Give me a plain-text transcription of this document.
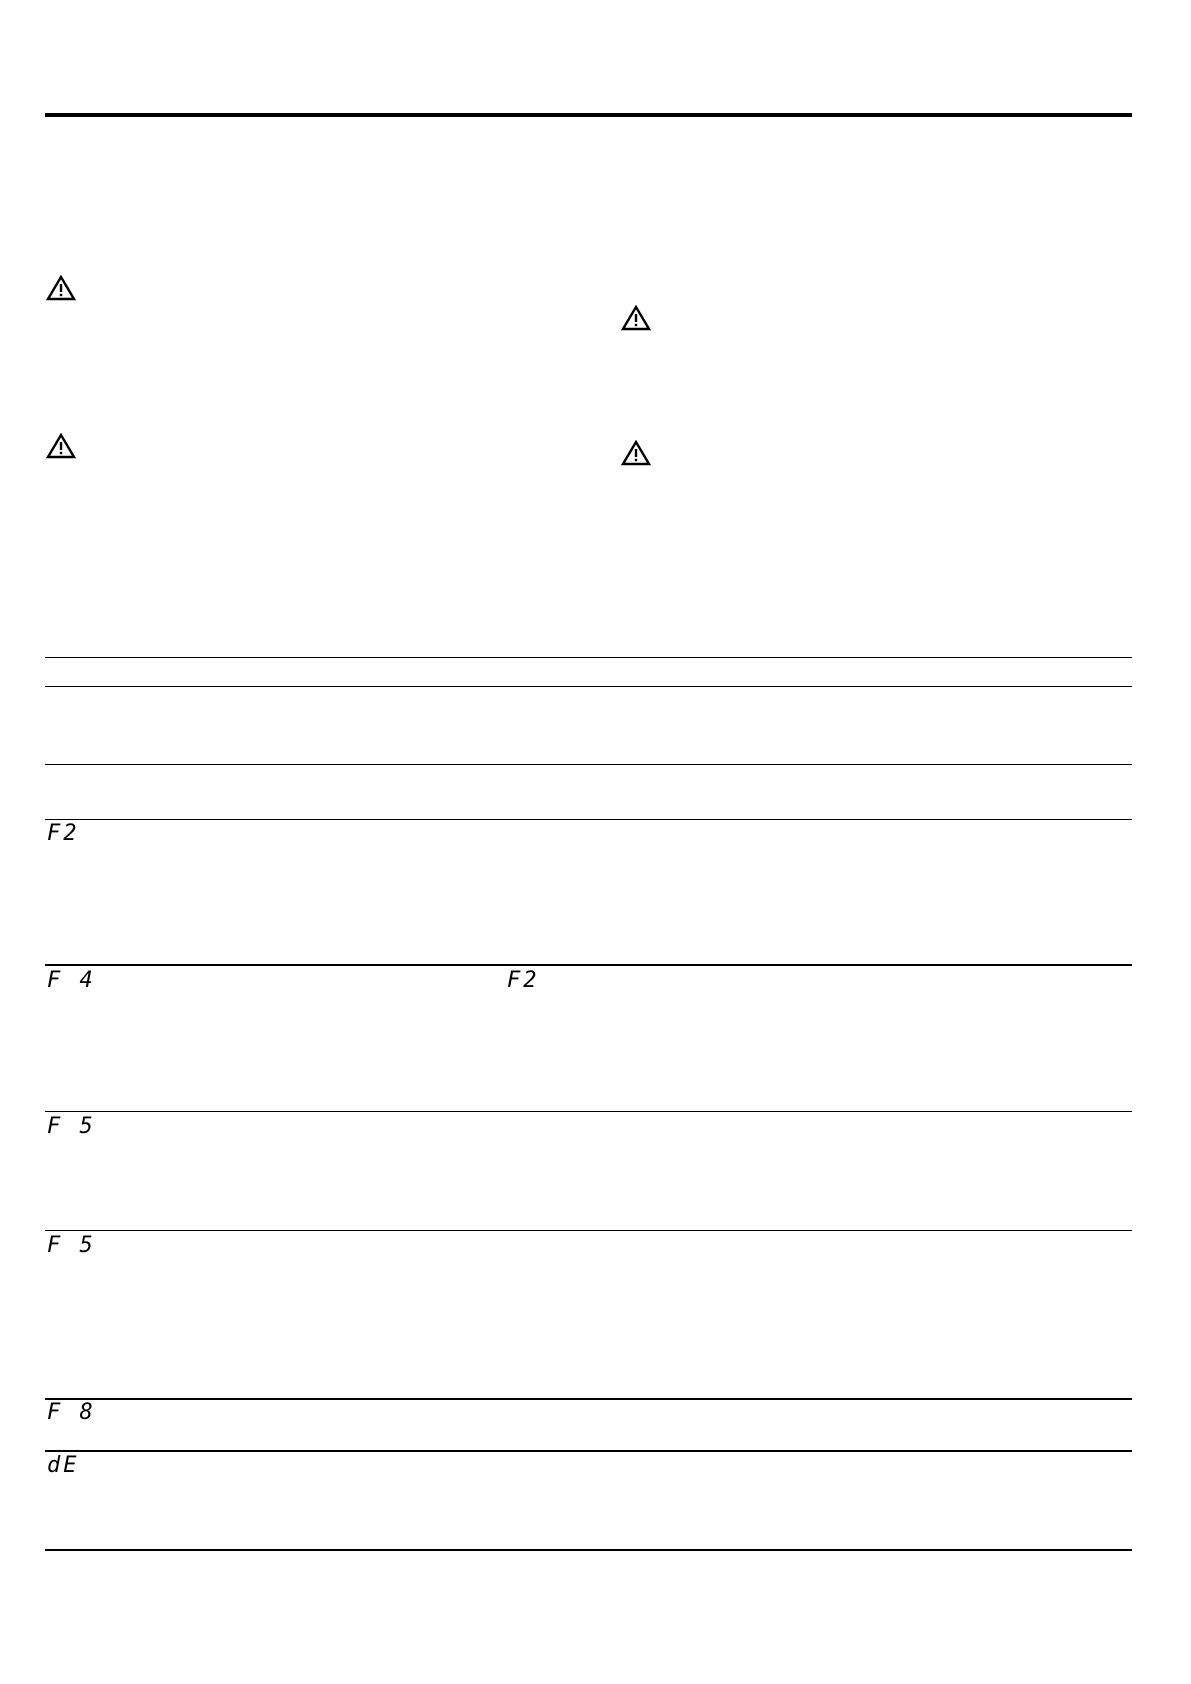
F2
F 4	F2
F 5
F 5
F 8
dE
